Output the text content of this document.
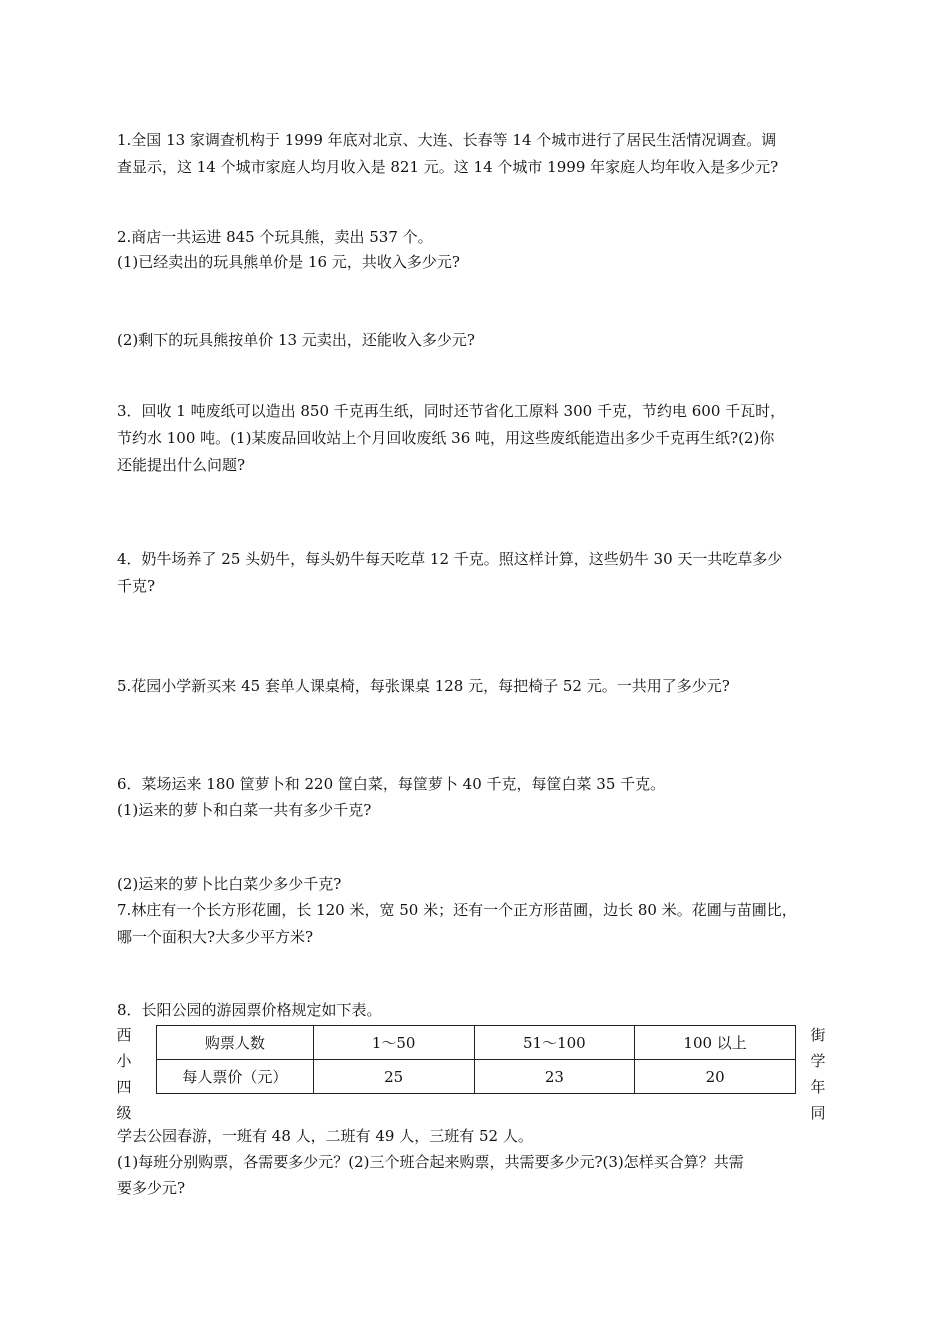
1.全国 13 家调查机构于 1999 年底对北京、大连、长春等 14 个城市进行了居民生活情况调查。调
查显示，这 14 个城市家庭人均月收入是 821 元。这 14 个城市 1999 年家庭人均年收入是多少元?
2.商店一共运进 845 个玩具熊，卖出 537 个。
(1)已经卖出的玩具熊单价是 16 元，共收入多少元?
(2)剩下的玩具熊按单价 13 元卖出，还能收入多少元?
3．回收 1 吨废纸可以造出 850 千克再生纸，同时还节省化工原料 300 千克，节约电 600 千瓦时，
节约水 100 吨。(1)某废品回收站上个月回收废纸 36 吨，用这些废纸能造出多少千克再生纸?(2)你
还能提出什么问题?
4．奶牛场养了 25 头奶牛，每头奶牛每天吃草 12 千克。照这样计算，这些奶牛 30 天一共吃草多少
千克?
5.花园小学新买来 45 套单人课桌椅，每张课桌 128 元，每把椅子 52 元。一共用了多少元?
6．菜场运来 180 筐萝卜和 220 筐白菜，每筐萝卜 40 千克，每筐白菜 35 千克。
(1)运来的萝卜和白菜一共有多少千克?
(2)运来的萝卜比白菜少多少千克?
7.林庄有一个长方形花圃，长 120 米，宽 50 米；还有一个正方形苗圃，边长 80 米。花圃与苗圃比，
哪一个面积大?大多少平方米?
8．长阳公园的游园票价格规定如下表。
西
小
四
级
购票人数	1～50	51～100	100 以上
每人票价（元）	25	23	20
街
学
年
同
学去公园春游，一班有 48 人，二班有 49 人，三班有 52 人。
(1)每班分别购票，各需要多少元？(2)三个班合起来购票，共需要多少元?(3)怎样买合算？共需
要多少元?
